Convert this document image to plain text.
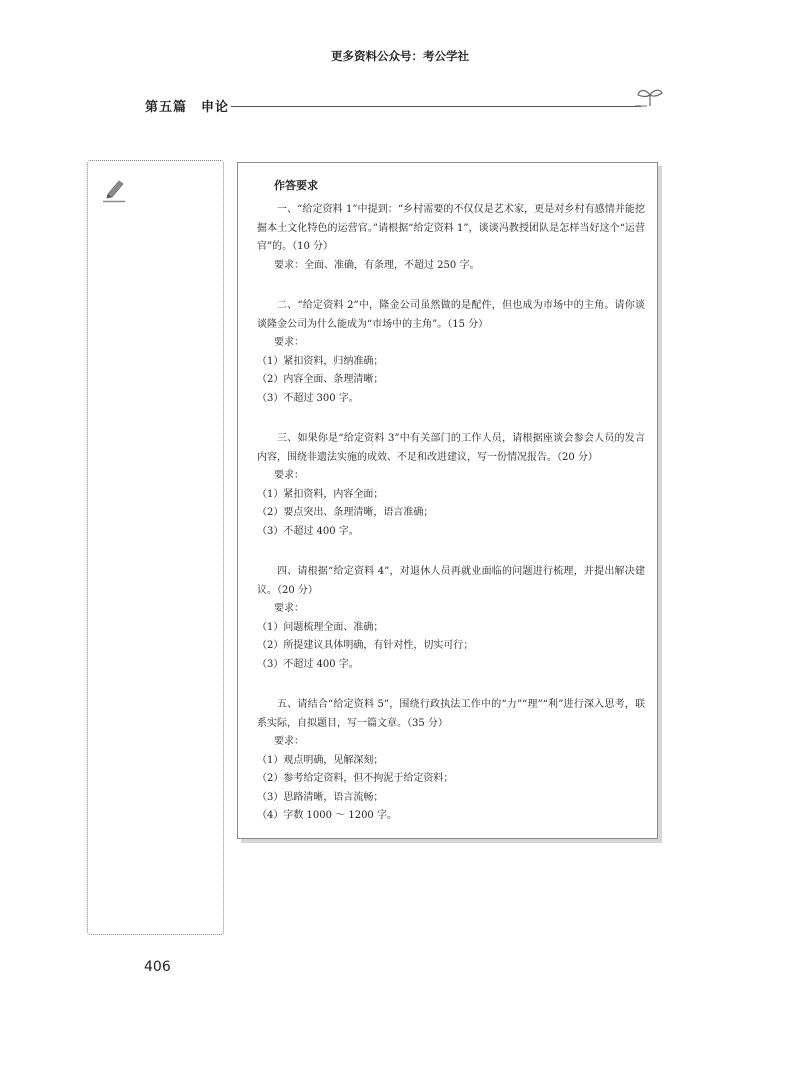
更多资料公众号：考公学社
第五篇　申论
作答要求

一、“给定资料 1”中提到：“乡村需要的不仅仅是艺术家，更是对乡村有感情并能挖掘本土文化特色的运营官。”请根据“给定资料 1”，谈谈冯教授团队是怎样当好这个“运营官”的。（10 分）

要求：全面、准确，有条理，不超过 250 字。

二、“给定资料 2”中，隆金公司虽然做的是配件，但也成为市场中的主角。请你谈谈隆金公司为什么能成为“市场中的主角”。（15 分）

要求：

（1）紧扣资料，归纳准确；

（2）内容全面、条理清晰；

（3）不超过 300 字。

三、如果你是“给定资料 3”中有关部门的工作人员，请根据座谈会参会人员的发言内容，围绕非遗法实施的成效、不足和改进建议，写一份情况报告。（20 分）

要求：

（1）紧扣资料，内容全面；

（2）要点突出、条理清晰，语言准确；

（3）不超过 400 字。

四、请根据“给定资料 4”，对退休人员再就业面临的问题进行梳理，并提出解决建议。（20 分）

要求：

（1）问题梳理全面、准确；

（2）所提建议具体明确，有针对性，切实可行；

（3）不超过 400 字。

五、请结合“给定资料 5”，围绕行政执法工作中的“力”“理”“利”进行深入思考，联系实际，自拟题目，写一篇文章。（35 分）

要求：

（1）观点明确，见解深刻；

（2）参考给定资料，但不拘泥于给定资料；

（3）思路清晰，语言流畅；

（4）字数 1000 ～ 1200 字。

406
